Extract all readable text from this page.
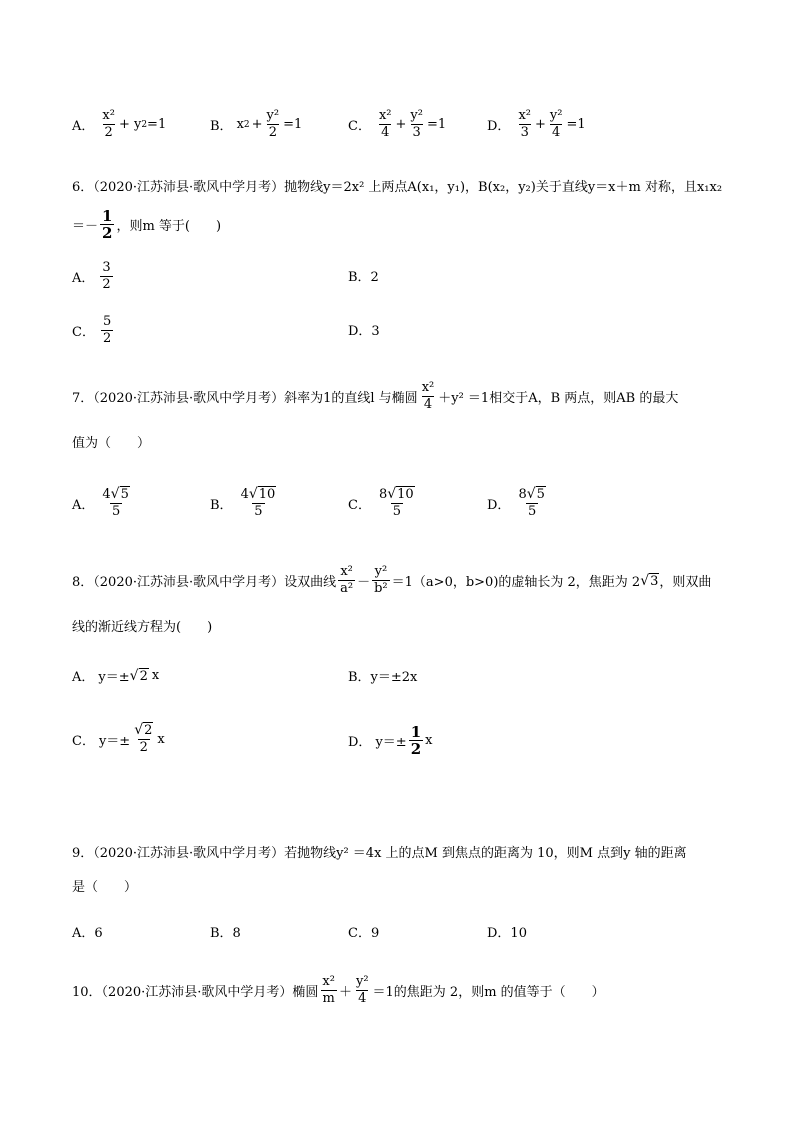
A． $\frac{\text{x²}}{2} + y$ 2 =1	B． x $2 + \frac{\text{y²}}{2} =1$	C． $\frac{\text{x²}}{4} + \frac{\text{y²}}{3} =1$	D． $\frac{\text{x²}}{3} + \frac{\text{y²}}{4} =1$
6．（2020·江苏沛县·歌风中学月考）抛物线y＝2x² 上两点A(x₁，y₁)，B(x₂，y₂)关于直线y＝x＋m 对称，且x₁x₂
＝－ $\frac{1}{2}$ ，则m 等于(　　)
A． $\frac{3}{2}$	B．2
C． $\frac{5}{2}$	D．3
7．（2020·江苏沛县·歌风中学月考）斜率为1的直线l 与椭圆 $\frac{\text{x²}}{4} +y^2 =1$相交于A，B 两点，则AB 的最大
值为（　　）
A． $\frac{4 √ 5}{5}$	B． $\frac{4 √ 10}{5}$	C． $\frac{8 √ 10}{5}$	D． $\frac{8 √ 5}{5}$
8．（2020·江苏沛县·歌风中学月考）设双曲线 $\frac{\text{x²}}{\text{a²}} - \frac{\text{y²}}{\text{b²}} =1(a>0$，b>0)的虚轴长为 2，焦距为 2 √ 3 ，则双曲
线的渐近线方程为(　　)
A． y＝± √ 2 x	B．y＝±2x
C． $y=\pm \frac{√ 2}{2}$ x	D． $y=\pm \frac{1}{2}$ x
9．（2020·江苏沛县·歌风中学月考）若抛物线y² ＝4x 上的点M 到焦点的距离为 10，则M 点到y 轴的距离
是（　　）
A．6	B．8	C．9	D．10
10．（2020·江苏沛县·歌风中学月考）椭圆 $\frac{\text{x²}}{m} + \frac{\text{y²}}{4} =1$的焦距为 2，则m 的值等于（　　）
